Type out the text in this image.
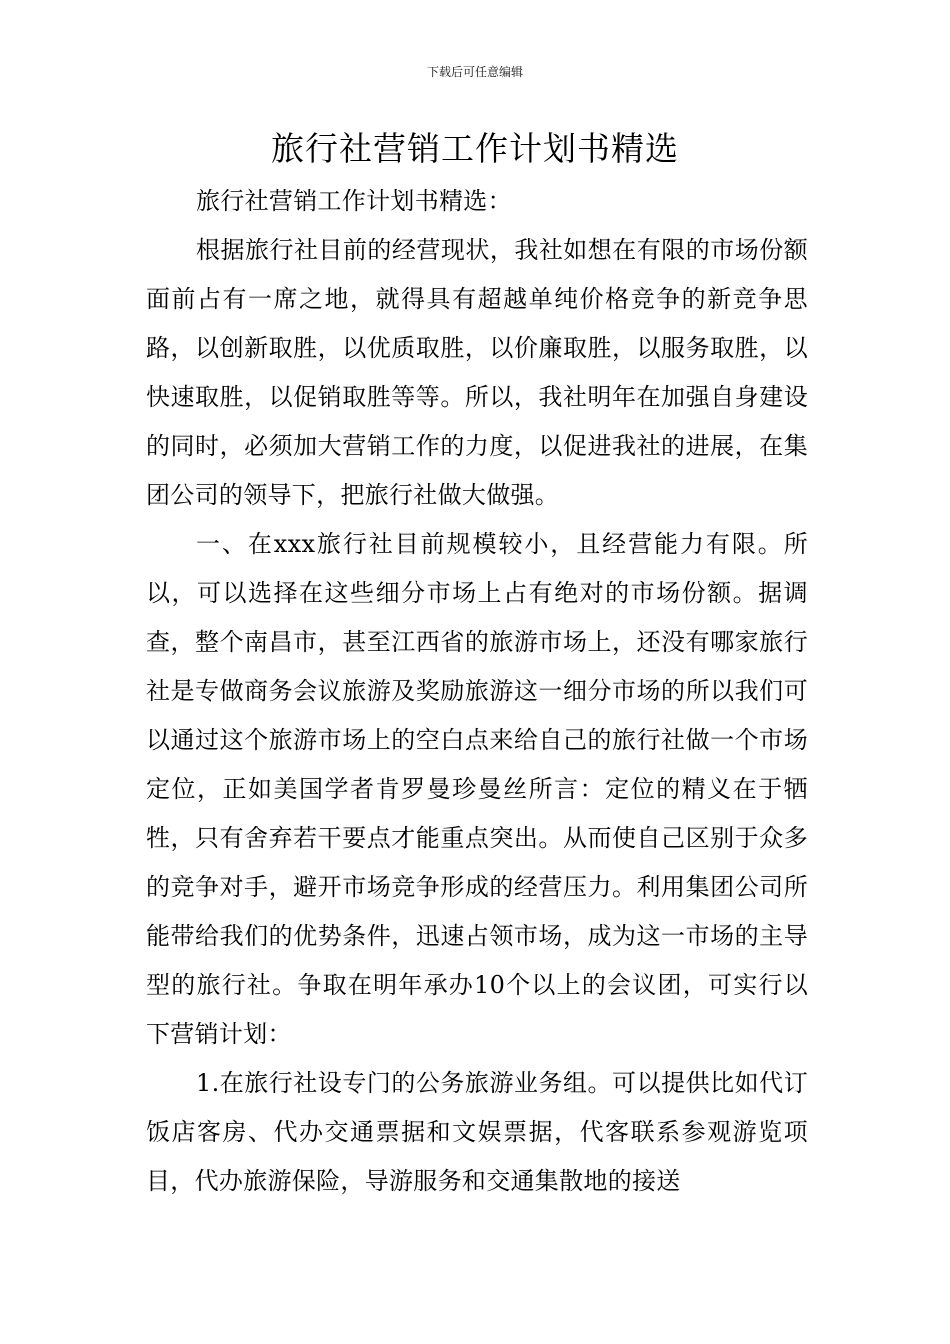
下载后可任意编辑
旅行社营销工作计划书精选

旅行社营销工作计划书精选：

根据旅行社目前的经营现状，我社如想在有限的市场份额面前占有一席之地，就得具有超越单纯价格竞争的新竞争思路，以创新取胜，以优质取胜，以价廉取胜，以服务取胜，以快速取胜，以促销取胜等等。所以，我社明年在加强自身建设的同时，必须加大营销工作的力度，以促进我社的进展，在集团公司的领导下，把旅行社做大做强。

一、在xxx旅行社目前规模较小，且经营能力有限。所以，可以选择在这些细分市场上占有绝对的市场份额。据调查，整个南昌市，甚至江西省的旅游市场上，还没有哪家旅行社是专做商务会议旅游及奖励旅游这一细分市场的所以我们可以通过这个旅游市场上的空白点来给自己的旅行社做一个市场定位，正如美国学者肯罗曼珍曼丝所言：定位的精义在于牺牲，只有舍弃若干要点才能重点突出。从而使自己区别于众多的竞争对手，避开市场竞争形成的经营压力。利用集团公司所能带给我们的优势条件，迅速占领市场，成为这一市场的主导型的旅行社。争取在明年承办10个以上的会议团，可实行以下营销计划：

1.在旅行社设专门的公务旅游业务组。可以提供比如代订饭店客房、代办交通票据和文娱票据，代客联系参观游览项目，代办旅游保险，导游服务和交通集散地的接送
